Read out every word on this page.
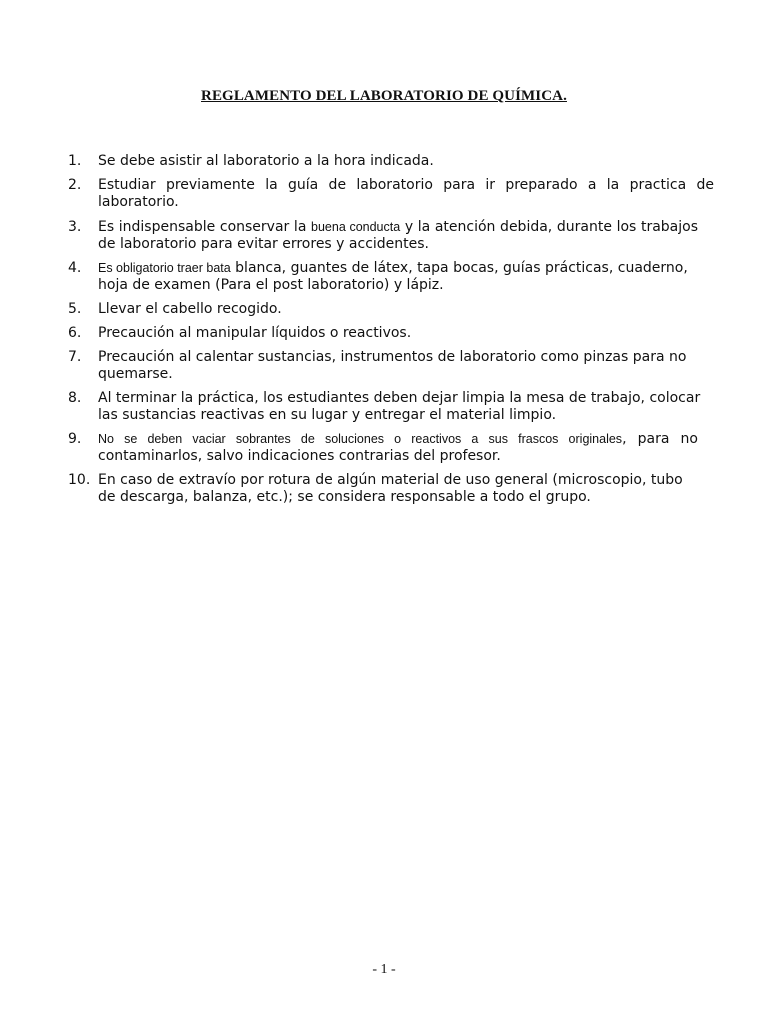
REGLAMENTO DEL LABORATORIO DE QUÍMICA.
1.	Se debe asistir al laboratorio a la hora indicada.
2.	Estudiar previamente la guía de laboratorio para ir preparado a la practica de laboratorio.
3.	Es indispensable conservar la buena conducta y la atención debida, durante los trabajos de laboratorio para evitar errores y accidentes.
4.	Es obligatorio traer bata blanca, guantes de látex, tapa bocas, guías prácticas, cuaderno, hoja de examen (Para el post laboratorio) y lápiz.
5.	Llevar el cabello recogido.
6.	Precaución al manipular líquidos o reactivos.
7.	Precaución al calentar sustancias, instrumentos de laboratorio como pinzas para no quemarse.
8.	Al terminar la práctica, los estudiantes deben dejar limpia la mesa de trabajo, colocar las sustancias reactivas en su lugar y entregar el material limpio.
9.	No se deben vaciar sobrantes de soluciones o reactivos a sus frascos originales, para no contaminarlos, salvo indicaciones contrarias del profesor.
10. En caso de extravío por rotura de algún material de uso general (microscopio, tubo de descarga, balanza, etc.); se considera responsable a todo el grupo.
- 1 -
